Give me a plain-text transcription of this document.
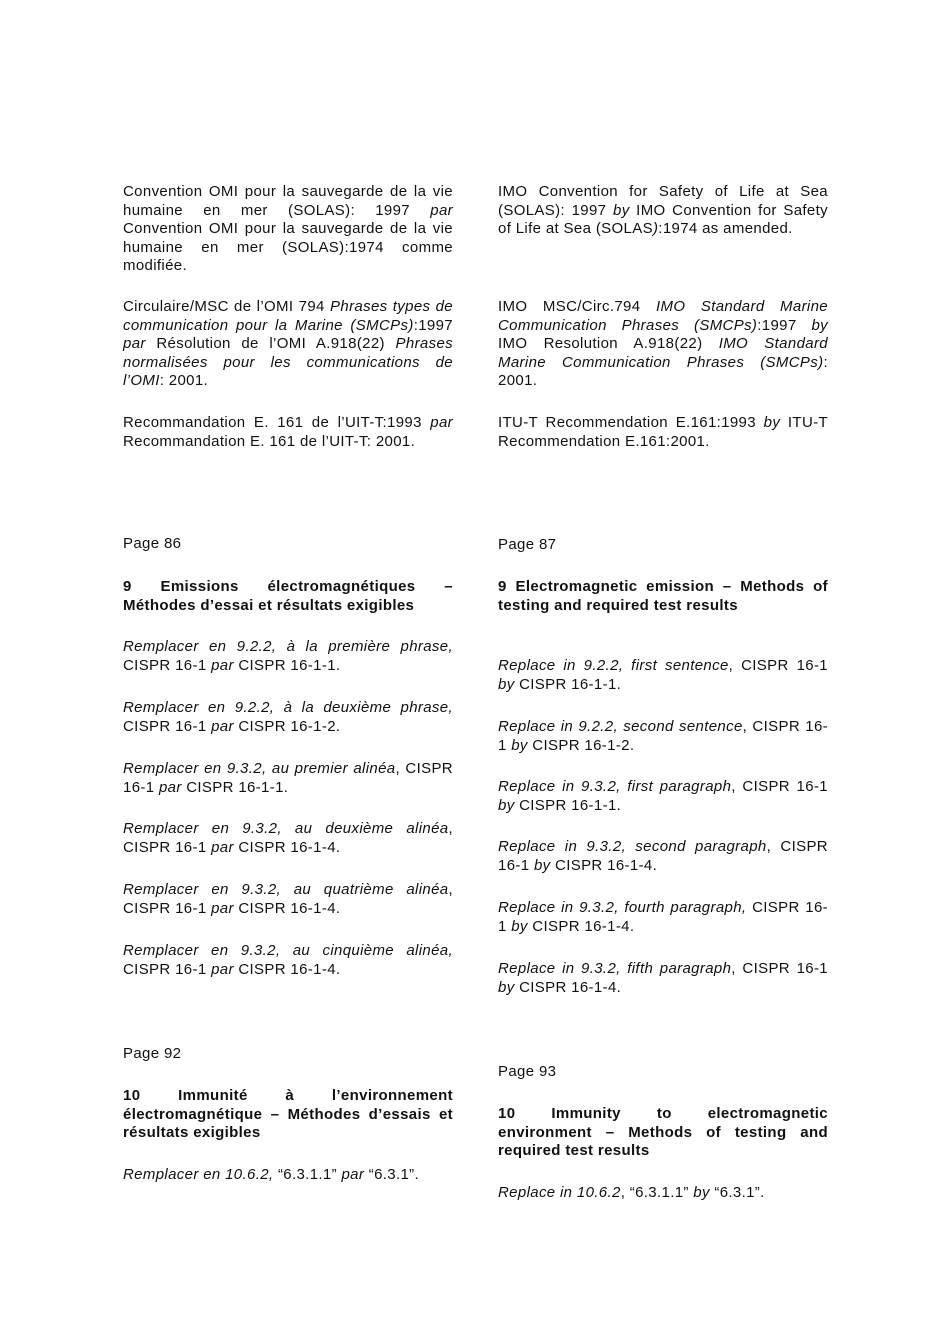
Convention OMI pour la sauvegarde de la vie humaine en mer (SOLAS): 1997 par Convention OMI pour la sauvegarde de la vie humaine en mer (SOLAS):1974 comme modifiée.

Circulaire/MSC de l’OMI 794 Phrases types de communication pour la Marine (SMCPs):1997 par Résolution de l’OMI A.918(22) Phrases normalisées pour les communications de l’OMI: 2001.

Recommandation E. 161 de l’UIT-T:1993 par Recommandation E. 161 de l’UIT-T: 2001.

Page 86

9 Emissions électromagnétiques – Méthodes d’essai et résultats exigibles

Remplacer en 9.2.2, à la première phrase, CISPR 16-1 par CISPR 16-1-1.

Remplacer en 9.2.2, à la deuxième phrase, CISPR 16-1 par CISPR 16-1-2.

Remplacer en 9.3.2, au premier alinéa, CISPR 16-1 par CISPR 16-1-1.

Remplacer en 9.3.2, au deuxième alinéa, CISPR 16-1 par CISPR 16-1-4.

Remplacer en 9.3.2, au quatrième alinéa, CISPR 16-1 par CISPR 16-1-4.

Remplacer en 9.3.2, au cinquième alinéa, CISPR 16-1 par CISPR 16-1-4.

Page 92

10 Immunité à l’environnement électromagnétique – Méthodes d’essais et résultats exigibles

Remplacer en 10.6.2, “6.3.1.1” par “6.3.1”.

IMO Convention for Safety of Life at Sea (SOLAS): 1997 by IMO Convention for Safety of Life at Sea (SOLAS):1974 as amended.

IMO MSC/Circ.794 IMO Standard Marine Communication Phrases (SMCPs):1997 by IMO Resolution A.918(22) IMO Standard Marine Communication Phrases (SMCPs): 2001.

ITU-T Recommendation E.161:1993 by ITU-T Recommendation E.161:2001.

Page 87

9 Electromagnetic emission – Methods of testing and required test results

Replace in 9.2.2, first sentence, CISPR 16-1 by CISPR 16-1-1.

Replace in 9.2.2, second sentence, CISPR 16-1 by CISPR 16-1-2.

Replace in 9.3.2, first paragraph, CISPR 16-1 by CISPR 16-1-1.

Replace in 9.3.2, second paragraph, CISPR 16-1 by CISPR 16-1-4.

Replace in 9.3.2, fourth paragraph, CISPR 16-1 by CISPR 16-1-4.

Replace in 9.3.2, fifth paragraph, CISPR 16-1 by CISPR 16-1-4.

Page 93

10 Immunity to electromagnetic environment – Methods of testing and required test results

Replace in 10.6.2, “6.3.1.1” by “6.3.1”.
